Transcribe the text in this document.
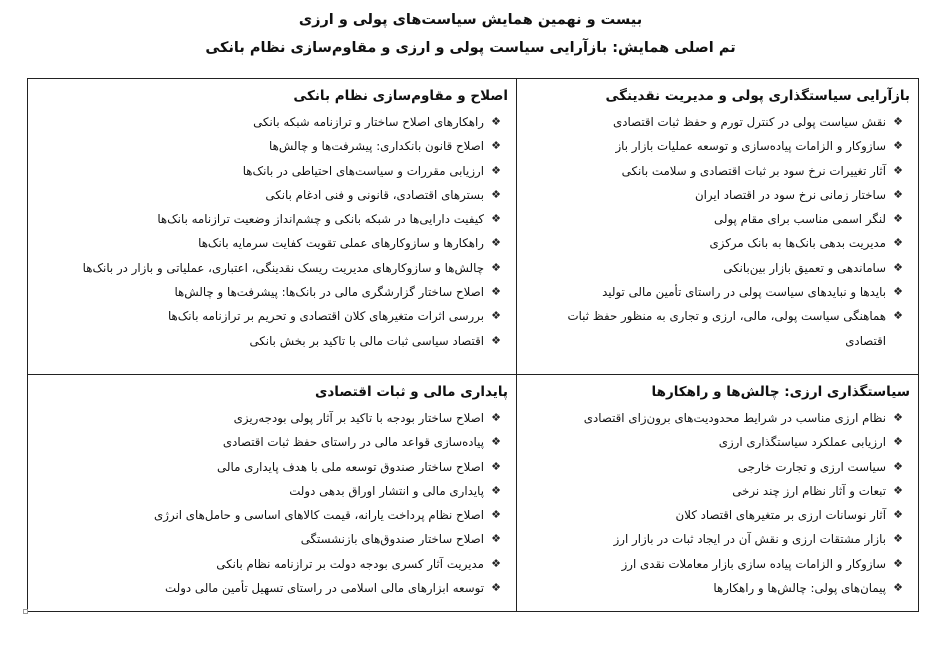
بیست و نهمین همایش سیاست‌های پولی و ارزی
تم اصلی همایش: بازآرایی سیاست پولی و ارزی و مقاوم‌سازی نظام بانکی
بازآرایی سیاستگذاری پولی و مدیریت نقدینگی
❖
نقش سیاست پولی در کنترل تورم و حفظ ثبات اقتصادی
❖
سازوکار و الزامات پیاده‌سازی و توسعه عملیات بازار باز
❖
آثار تغییرات نرخ سود بر ثبات اقتصادی و سلامت بانکی
❖
ساختار زمانی نرخ سود در اقتصاد ایران
❖
لنگر اسمی مناسب برای مقام پولی
❖
مدیریت بدهی بانک‌ها به بانک مرکزی
❖
ساماندهی و تعمیق بازار بین‌بانکی
❖
بایدها و نبایدهای سیاست پولی در راستای تأمین مالی تولید
❖
هماهنگی سیاست پولی، مالی، ارزی و تجاری به منظور حفظ ثبات اقتصادی
اصلاح و مقاوم‌سازی نظام بانکی
❖
راهکارهای اصلاح ساختار و ترازنامه شبکه بانکی
❖
اصلاح قانون بانکداری: پیشرفت‌ها و چالش‌ها
❖
ارزیابی مقررات و سیاست‌های احتیاطی در بانک‌ها
❖
بسترهای اقتصادی، قانونی و فنی ادغام بانکی
❖
کیفیت دارایی‌ها در شبکه بانکی و چشم‌انداز وضعیت ترازنامه بانک‌ها
❖
راهکارها و سازوکارهای عملی تقویت کفایت سرمایه بانک‌ها
❖
چالش‌ها و سازوکارهای مدیریت ریسک نقدینگی، اعتباری، عملیاتی و بازار در بانک‌ها
❖
اصلاح ساختار گزارشگری مالی در بانک‌ها: پیشرفت‌ها و چالش‌ها
❖
بررسی اثرات متغیرهای کلان اقتصادی و تحریم بر ترازنامه بانک‌ها
❖
اقتصاد سیاسی ثبات مالی با تاکید بر بخش بانکی
سیاستگذاری ارزی: چالش‌ها و راهکارها
❖
نظام ارزی مناسب در شرایط محدودیت‌های برون‌زای اقتصادی
❖
ارزیابی عملکرد سیاستگذاری ارزی
❖
سیاست ارزی و تجارت خارجی
❖
تبعات و آثار نظام ارز چند نرخی
❖
آثار نوسانات ارزی بر متغیرهای اقتصاد کلان
❖
بازار مشتقات ارزی و نقش آن در ایجاد ثبات در بازار ارز
❖
سازوکار و الزامات پیاده سازی بازار معاملات نقدی ارز
❖
پیمان‌های پولی: چالش‌ها و راهکارها
پایداری مالی و ثبات اقتصادی
❖
اصلاح ساختار بودجه با تاکید بر آثار پولی بودجه‌ریزی
❖
پیاده‌سازی قواعد مالی در راستای حفظ ثبات اقتصادی
❖
اصلاح ساختار صندوق توسعه ملی با هدف پایداری مالی
❖
پایداری مالی و انتشار اوراق بدهی دولت
❖
اصلاح نظام پرداخت یارانه، قیمت کالاهای اساسی و حامل‌های انرژی
❖
اصلاح ساختار صندوق‌های بازنشستگی
❖
مدیریت آثار کسری بودجه دولت بر ترازنامه نظام بانکی
❖
توسعه ابزارهای مالی اسلامی در راستای تسهیل تأمین مالی دولت
